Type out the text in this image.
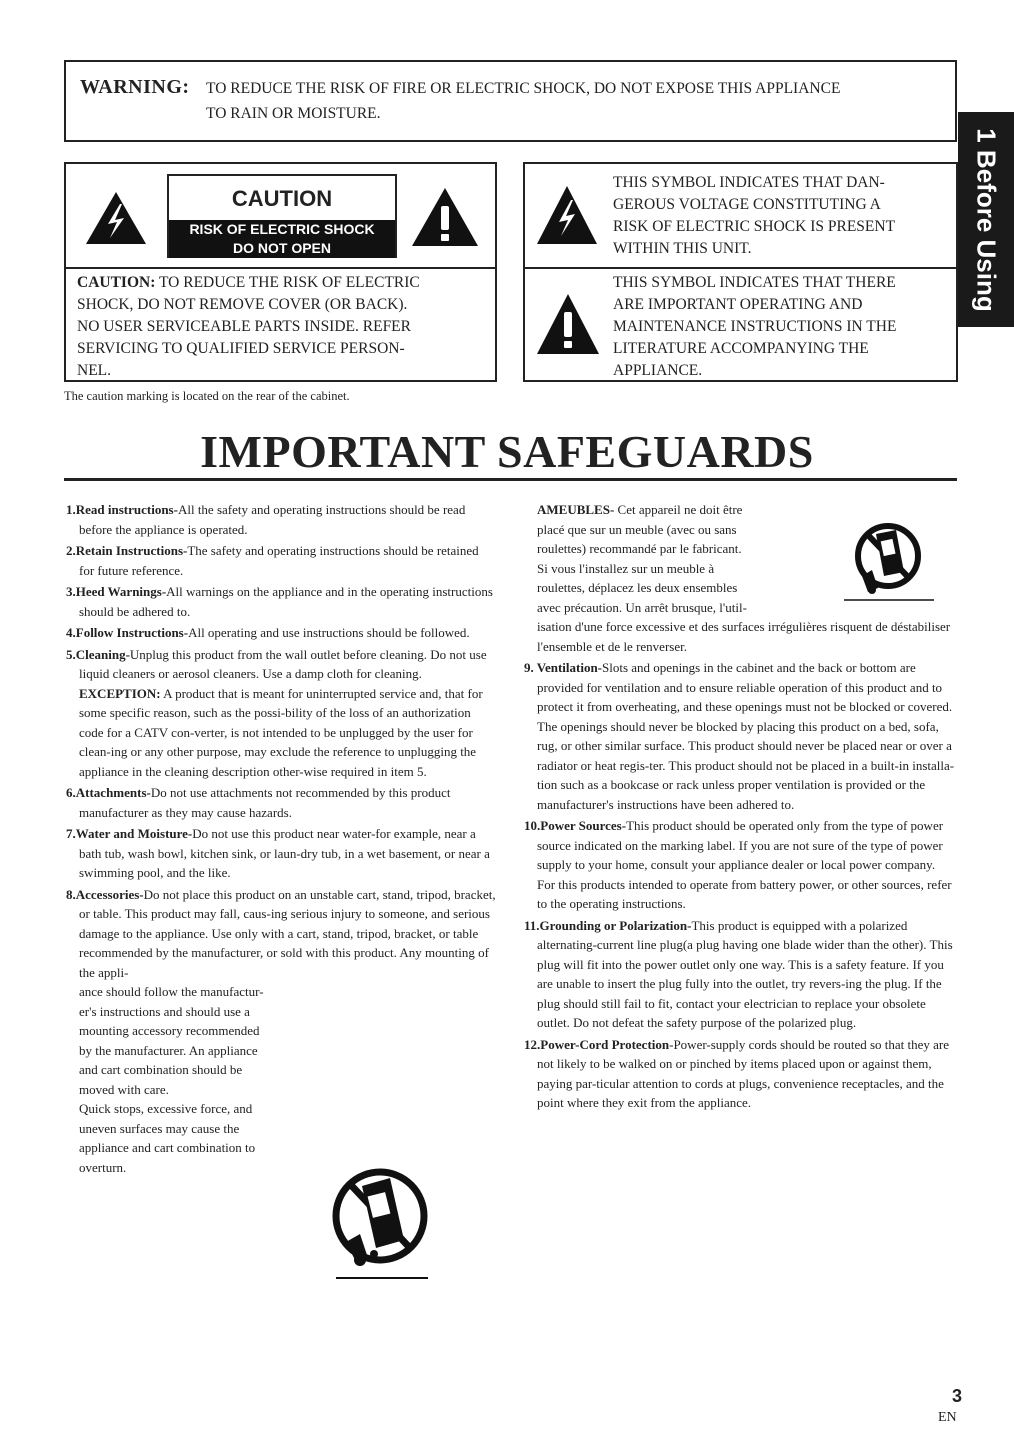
WARNING: TO REDUCE THE RISK OF FIRE OR ELECTRIC SHOCK, DO NOT EXPOSE THIS APPLIANCE
TO RAIN OR MOISTURE.
1 Before Using
CAUTION
RISK OF ELECTRIC SHOCK
DO NOT OPEN
CAUTION: TO REDUCE THE RISK OF ELECTRIC
SHOCK, DO NOT REMOVE COVER (OR BACK).
NO USER SERVICEABLE PARTS INSIDE. REFER
SERVICING TO QUALIFIED SERVICE PERSON-
NEL.
THIS SYMBOL INDICATES THAT DAN-
GEROUS VOLTAGE CONSTITUTING A
RISK OF ELECTRIC SHOCK IS PRESENT
WITHIN THIS UNIT.
THIS SYMBOL INDICATES THAT THERE
ARE IMPORTANT OPERATING AND
MAINTENANCE INSTRUCTIONS IN THE
LITERATURE ACCOMPANYING THE
APPLIANCE.
The caution marking is located on the rear of the cabinet.
IMPORTANT SAFEGUARDS
1.Read instructions-All the safety and operating instructions should be read before the appliance is operated.
2.Retain Instructions-The safety and operating instructions should be retained for future reference.
3.Heed Warnings-All warnings on the appliance and in the operating instructions should be adhered to.
4.Follow Instructions-All operating and use instructions should be followed.
5.Cleaning-Unplug this product from the wall outlet before cleaning. Do not use liquid cleaners or aerosol cleaners. Use a damp cloth for cleaning.
EXCEPTION: A product that is meant for uninterrupted service and, that for some specific reason, such as the possi-bility of the loss of an authorization code for a CATV con-verter, is not intended to be unplugged by the user for clean-ing or any other purpose, may exclude the reference to unplugging the appliance in the cleaning description other-wise required in item 5.
6.Attachments-Do not use attachments not recommended by this product manufacturer as they may cause hazards.
7.Water and Moisture-Do not use this product near water-for example, near a bath tub, wash bowl, kitchen sink, or laun-dry tub, in a wet basement, or near a swimming pool, and the like.
8.Accessories-Do not place this product on an unstable cart, stand, tripod, bracket, or table. This product may fall, caus-ing serious injury to someone, and serious damage to the appliance. Use only with a cart, stand, tripod, bracket, or table recommended by the manufacturer, or sold with this product. Any mounting of the appli-
ance should follow the manufactur-
er's instructions and should use a
mounting accessory recommended
by the manufacturer. An appliance
and cart combination should be
moved with care.
Quick stops, excessive force, and
uneven surfaces may cause the
appliance and cart combination to
overturn.
AMEUBLES- Cet appareil ne doit être
placé que sur un meuble (avec ou sans
roulettes) recommandé par le fabricant.
Si vous l'installez sur un meuble à
roulettes, déplacez les deux ensembles
avec précaution. Un arrêt brusque, l'util-
isation d'une force excessive et des surfaces irrégulières risquent de déstabiliser l'ensemble et de le renverser.
9. Ventilation-Slots and openings in the cabinet and the back or bottom are provided for ventilation and to ensure reliable operation of this product and to protect it from overheating, and these openings must not be blocked or covered. The openings should never be blocked by placing this product on a bed, sofa, rug, or other similar surface. This product should never be placed near or over a radiator or heat regis-ter. This product should not be placed in a built-in installa-tion such as a bookcase or rack unless proper ventilation is provided or the manufacturer's instructions have been adhered to.
10.Power Sources-This product should be operated only from the type of power source indicated on the marking label. If you are not sure of the type of power supply to your home, consult your appliance dealer or local power company. For this products intended to operate from battery power, or other sources, refer to the operating instructions.
11.Grounding or Polarization-This product is equipped with a polarized alternating-current line plug(a plug having one blade wider than the other). This plug will fit into the power outlet only one way. This is a safety feature. If you are unable to insert the plug fully into the outlet, try revers-ing the plug. If the plug should still fail to fit, contact your electrician to replace your obsolete outlet. Do not defeat the safety purpose of the polarized plug.
12.Power-Cord Protection-Power-supply cords should be routed so that they are not likely to be walked on or pinched by items placed upon or against them, paying par-ticular attention to cords at plugs, convenience receptacles, and the point where they exit from the appliance.
3
EN
